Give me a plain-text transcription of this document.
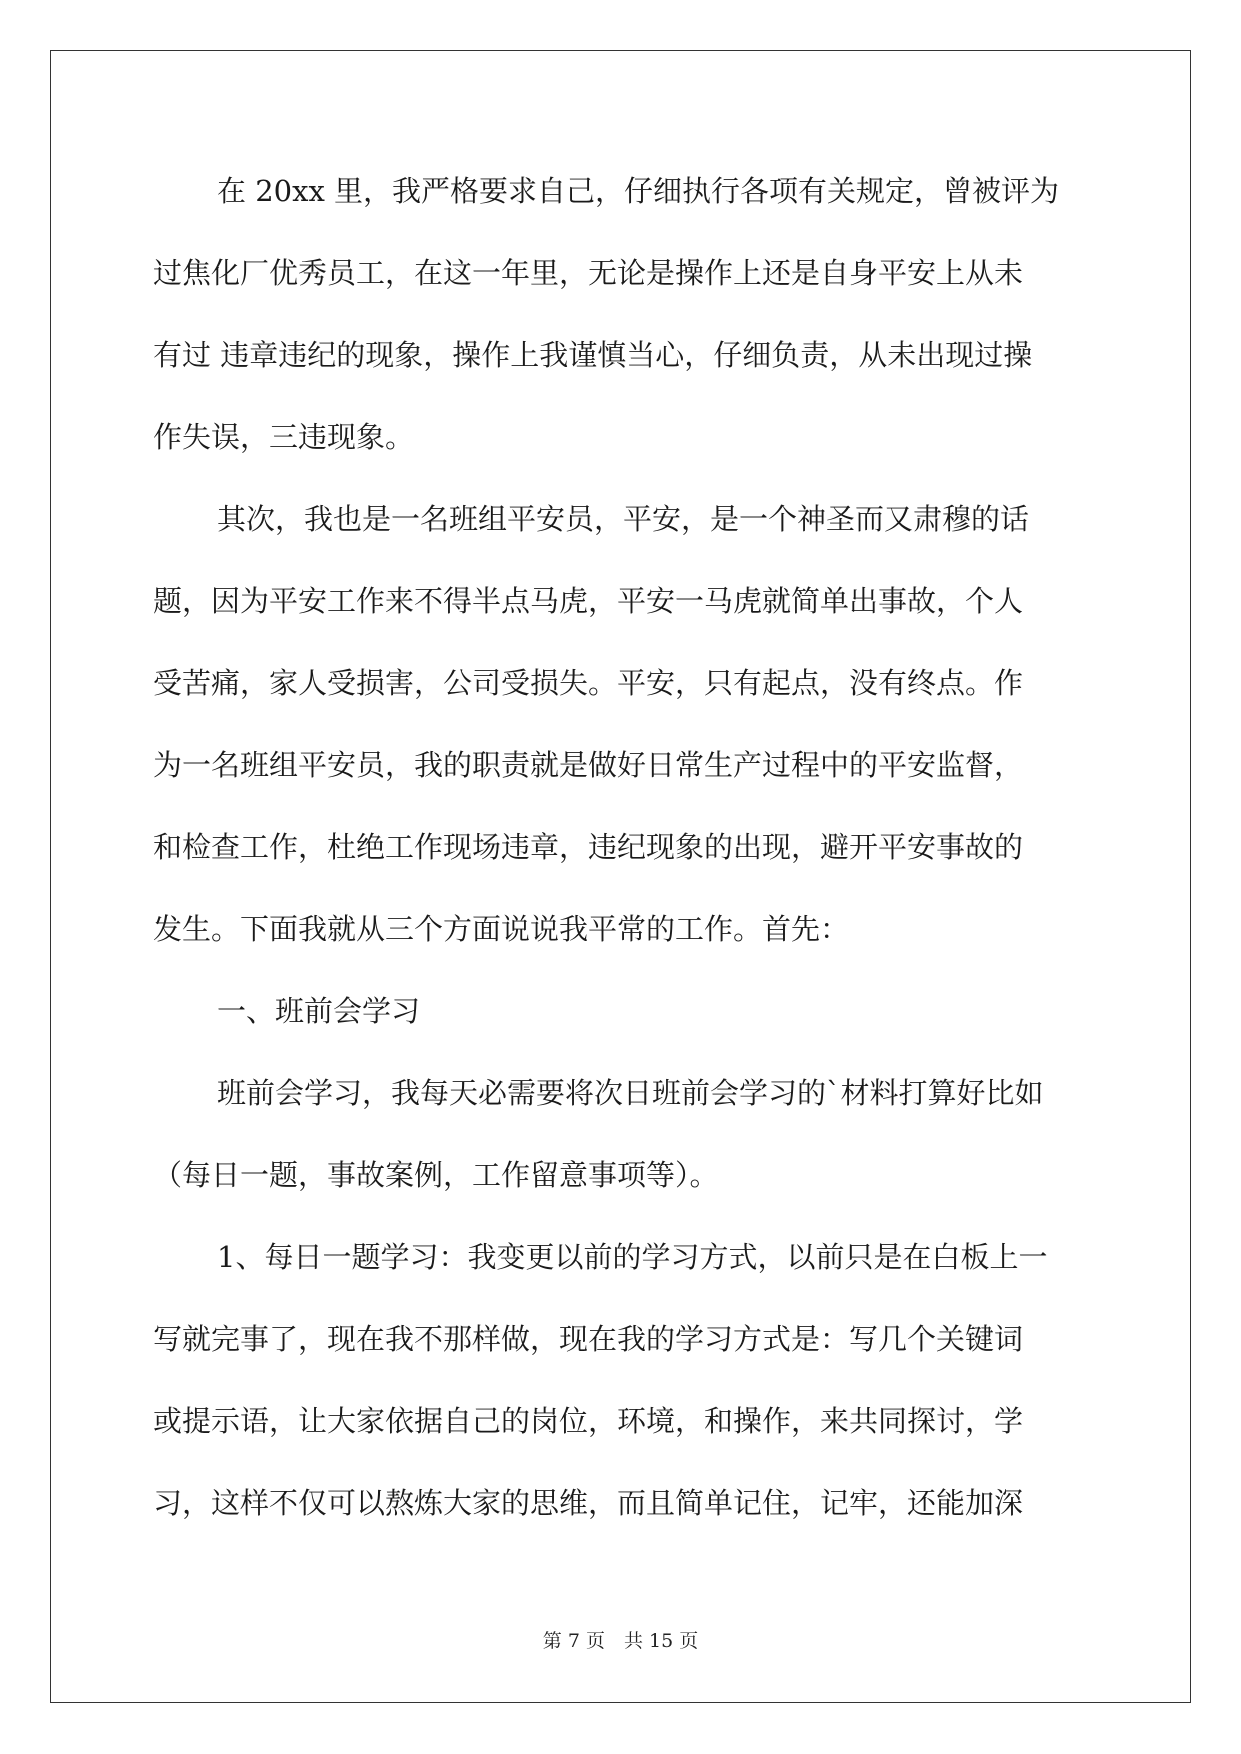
在 20xx 里，我严格要求自己，仔细执行各项有关规定，曾被评为
过焦化厂优秀员工，在这一年里，无论是操作上还是自身平安上从未
有过 违章违纪的现象，操作上我谨慎当心，仔细负责，从未出现过操
作失误，三违现象。
其次，我也是一名班组平安员，平安，是一个神圣而又肃穆的话
题，因为平安工作来不得半点马虎，平安一马虎就简单出事故，个人
受苦痛，家人受损害，公司受损失。平安，只有起点，没有终点。作
为一名班组平安员，我的职责就是做好日常生产过程中的平安监督，
和检查工作，杜绝工作现场违章，违纪现象的出现，避开平安事故的
发生。下面我就从三个方面说说我平常的工作。首先：
一、班前会学习
班前会学习，我每天必需要将次日班前会学习的`材料打算好比如
（每日一题，事故案例，工作留意事项等）。
1、每日一题学习：我变更以前的学习方式，以前只是在白板上一
写就完事了，现在我不那样做，现在我的学习方式是：写几个关键词
或提示语，让大家依据自己的岗位，环境，和操作，来共同探讨，学
习，这样不仅可以熬炼大家的思维，而且简单记住，记牢，还能加深
第 7 页　共 15 页
